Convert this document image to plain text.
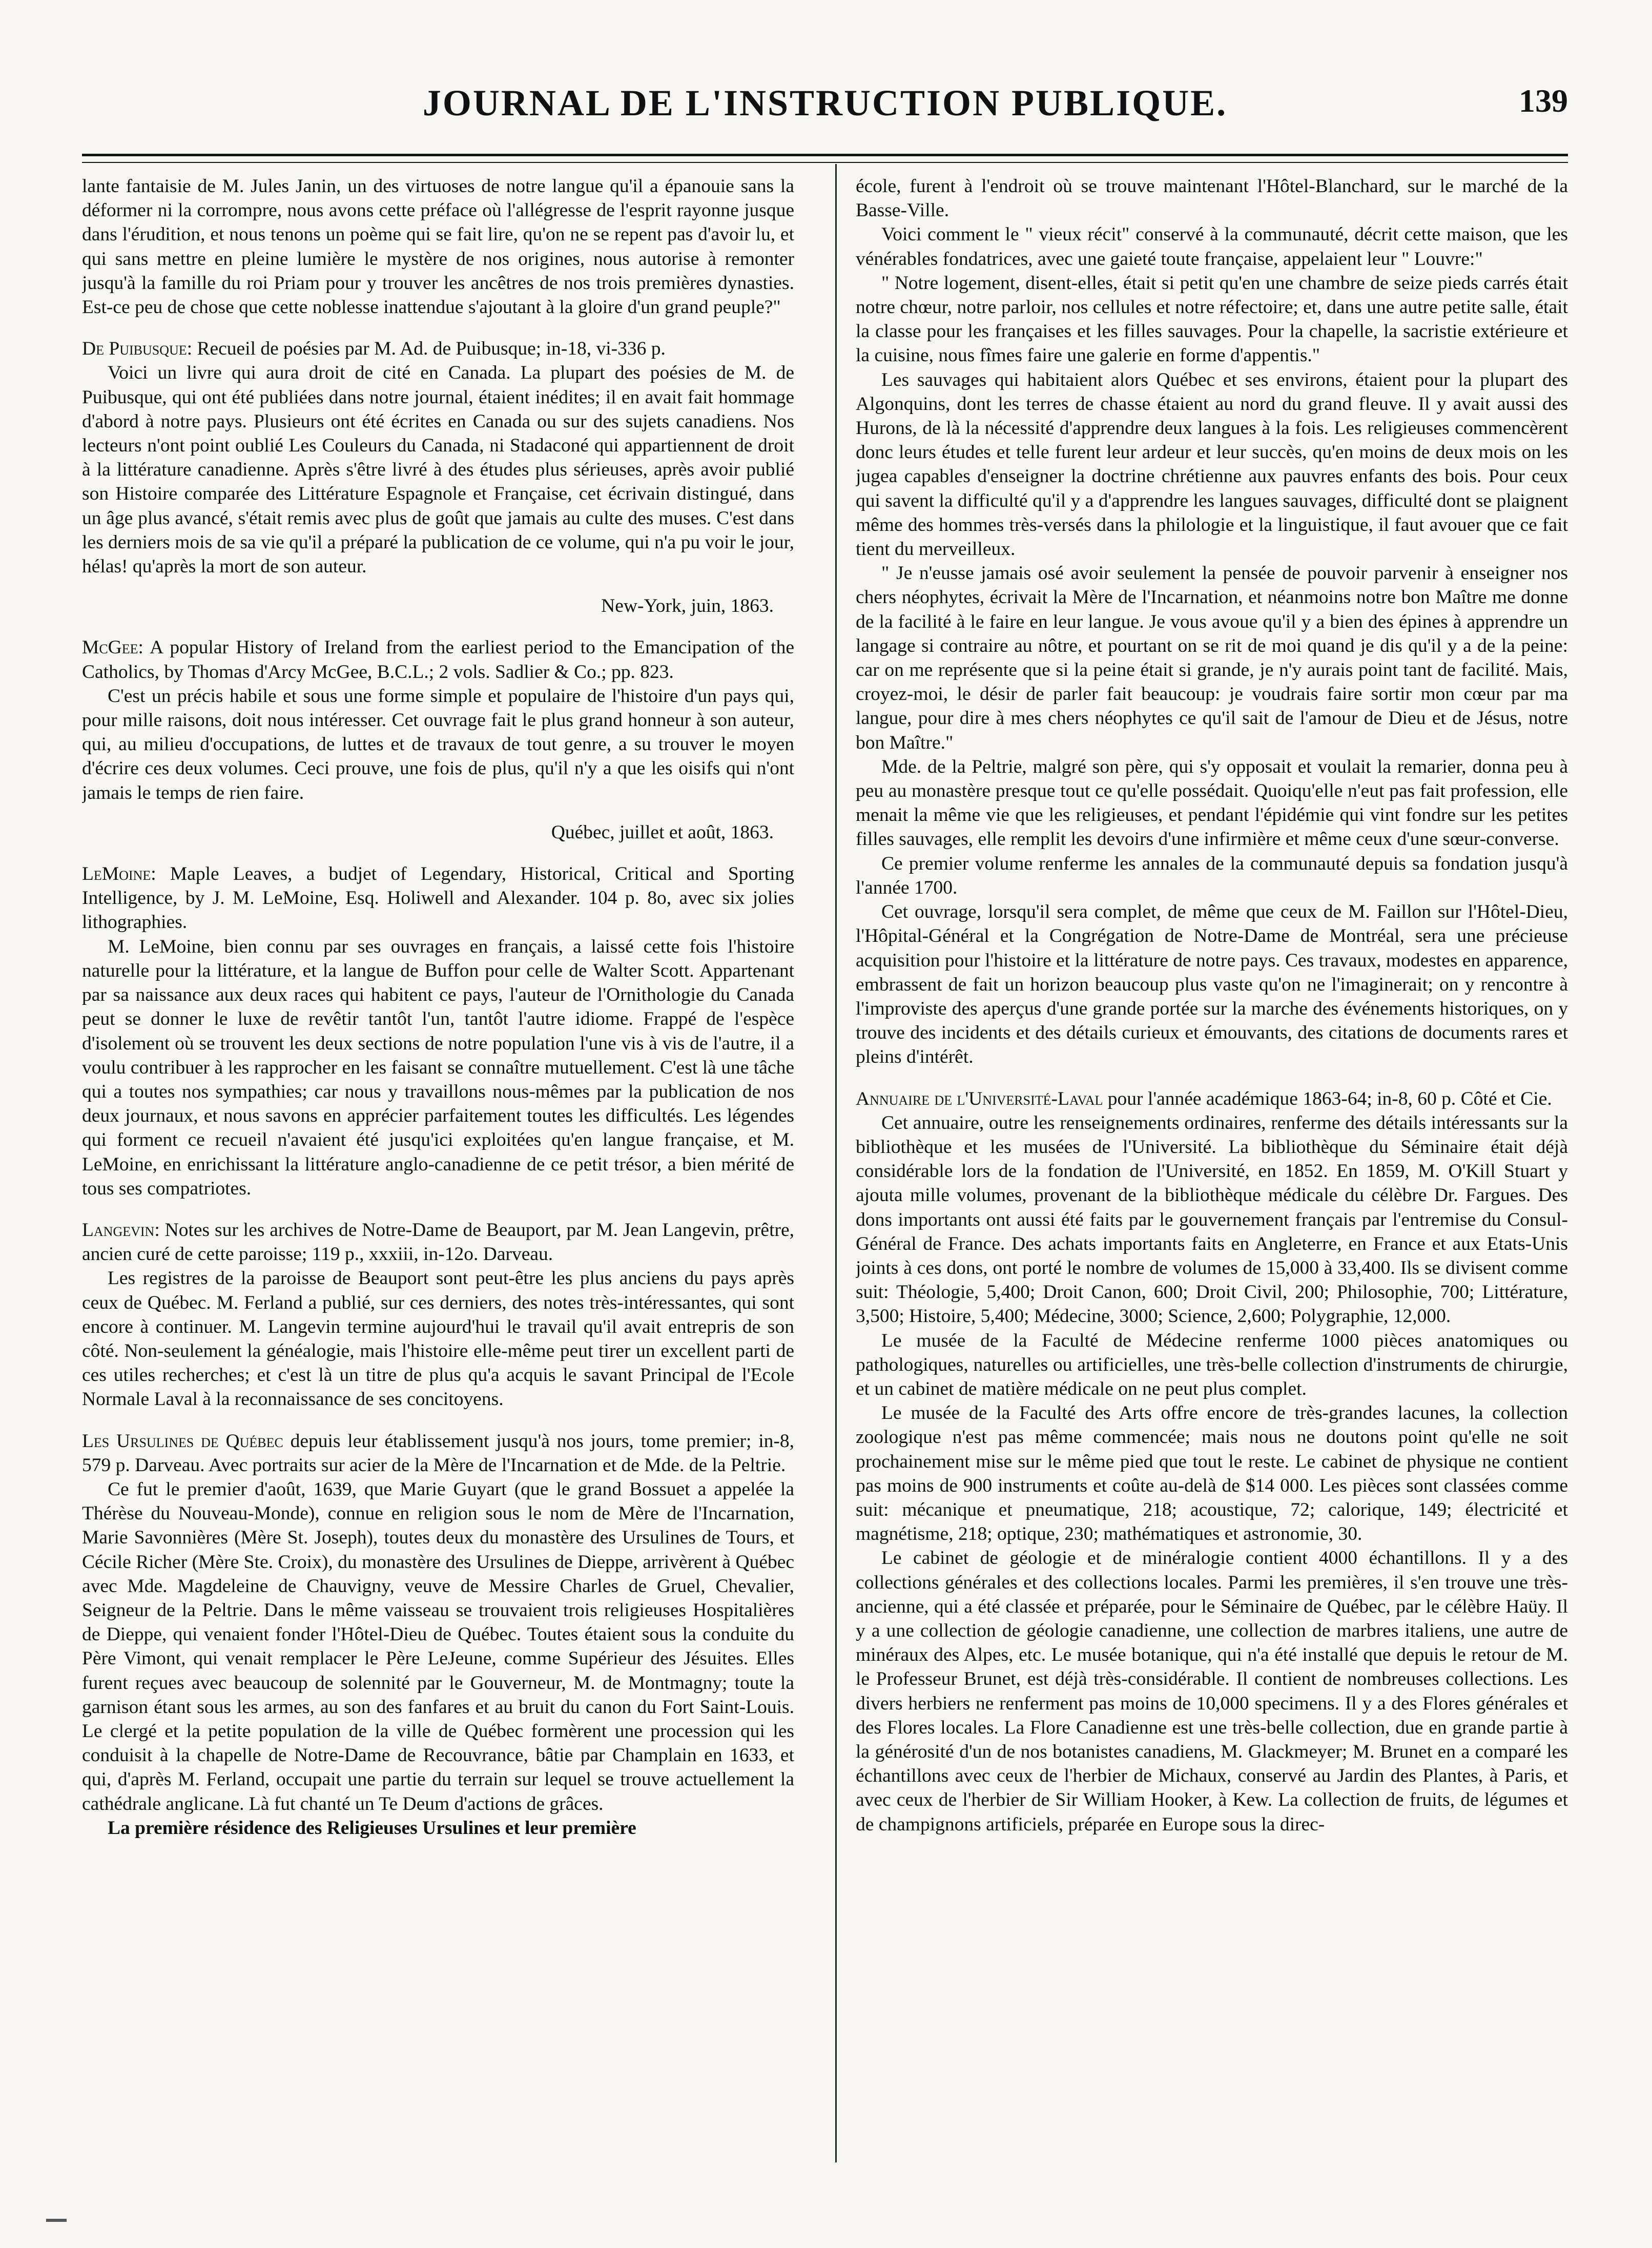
JOURNAL DE L'INSTRUCTION PUBLIQUE.	139

lante fantaisie de M. Jules Janin, un des virtuoses de notre langue qu'il a épanouie sans la déformer ni la corrompre, nous avons cette préface où l'allégresse de l'esprit rayonne jusque dans l'érudition, et nous tenons un poème qui se fait lire, qu'on ne se repent pas d'avoir lu, et qui sans mettre en pleine lumière le mystère de nos origines, nous autorise à remonter jusqu'à la famille du roi Priam pour y trouver les ancêtres de nos trois premières dynasties. Est-ce peu de chose que cette noblesse inattendue s'ajoutant à la gloire d'un grand peuple?"

De Puibusque: Recueil de poésies par M. Ad. de Puibusque; in-18, vi-336 p.

Voici un livre qui aura droit de cité en Canada. La plupart des poésies de M. de Puibusque, qui ont été publiées dans notre journal, étaient inédites; il en avait fait hommage d'abord à notre pays. Plusieurs ont été écrites en Canada ou sur des sujets canadiens. Nos lecteurs n'ont point oublié Les Couleurs du Canada, ni Stadaconé qui appartiennent de droit à la littérature canadienne. Après s'être livré à des études plus sérieuses, après avoir publié son Histoire comparée des Littérature Espagnole et Française, cet écrivain distingué, dans un âge plus avancé, s'était remis avec plus de goût que jamais au culte des muses. C'est dans les derniers mois de sa vie qu'il a préparé la publication de ce volume, qui n'a pu voir le jour, hélas! qu'après la mort de son auteur.

New-York, juin, 1863.

McGee: A popular History of Ireland from the earliest period to the Emancipation of the Catholics, by Thomas d'Arcy McGee, B.C.L.; 2 vols. Sadlier & Co.; pp. 823.

C'est un précis habile et sous une forme simple et populaire de l'histoire d'un pays qui, pour mille raisons, doit nous intéresser. Cet ouvrage fait le plus grand honneur à son auteur, qui, au milieu d'occupations, de luttes et de travaux de tout genre, a su trouver le moyen d'écrire ces deux volumes. Ceci prouve, une fois de plus, qu'il n'y a que les oisifs qui n'ont jamais le temps de rien faire.

Québec, juillet et août, 1863.

LeMoine: Maple Leaves, a budjet of Legendary, Historical, Critical and Sporting Intelligence, by J. M. LeMoine, Esq. Holiwell and Alexander. 104 p. 8o, avec six jolies lithographies.

M. LeMoine, bien connu par ses ouvrages en français, a laissé cette fois l'histoire naturelle pour la littérature, et la langue de Buffon pour celle de Walter Scott. Appartenant par sa naissance aux deux races qui habitent ce pays, l'auteur de l'Ornithologie du Canada peut se donner le luxe de revêtir tantôt l'un, tantôt l'autre idiome. Frappé de l'espèce d'isolement où se trouvent les deux sections de notre population l'une vis à vis de l'autre, il a voulu contribuer à les rapprocher en les faisant se connaître mutuellement. C'est là une tâche qui a toutes nos sympathies; car nous y travaillons nous-mêmes par la publication de nos deux journaux, et nous savons en apprécier parfaitement toutes les difficultés. Les légendes qui forment ce recueil n'avaient été jusqu'ici exploitées qu'en langue française, et M. LeMoine, en enrichissant la littérature anglo-canadienne de ce petit trésor, a bien mérité de tous ses compatriotes.

Langevin: Notes sur les archives de Notre-Dame de Beauport, par M. Jean Langevin, prêtre, ancien curé de cette paroisse; 119 p., xxxiii, in-12o. Darveau.

Les registres de la paroisse de Beauport sont peut-être les plus anciens du pays après ceux de Québec. M. Ferland a publié, sur ces derniers, des notes très-intéressantes, qui sont encore à continuer. M. Langevin termine aujourd'hui le travail qu'il avait entrepris de son côté. Non-seulement la généalogie, mais l'histoire elle-même peut tirer un excellent parti de ces utiles recherches; et c'est là un titre de plus qu'a acquis le savant Principal de l'Ecole Normale Laval à la reconnaissance de ses concitoyens.

Les Ursulines de Québec depuis leur établissement jusqu'à nos jours, tome premier; in-8, 579 p. Darveau. Avec portraits sur acier de la Mère de l'Incarnation et de Mde. de la Peltrie.

Ce fut le premier d'août, 1639, que Marie Guyart (que le grand Bossuet a appelée la Thérèse du Nouveau-Monde), connue en religion sous le nom de Mère de l'Incarnation, Marie Savonnières (Mère St. Joseph), toutes deux du monastère des Ursulines de Tours, et Cécile Richer (Mère Ste. Croix), du monastère des Ursulines de Dieppe, arrivèrent à Québec avec Mde. Magdeleine de Chauvigny, veuve de Messire Charles de Gruel, Chevalier, Seigneur de la Peltrie. Dans le même vaisseau se trouvaient trois religieuses Hospitalières de Dieppe, qui venaient fonder l'Hôtel-Dieu de Québec. Toutes étaient sous la conduite du Père Vimont, qui venait remplacer le Père LeJeune, comme Supérieur des Jésuites. Elles furent reçues avec beaucoup de solennité par le Gouverneur, M. de Montmagny; toute la garnison étant sous les armes, au son des fanfares et au bruit du canon du Fort Saint-Louis. Le clergé et la petite population de la ville de Québec formèrent une procession qui les conduisit à la chapelle de Notre-Dame de Recouvrance, bâtie par Champlain en 1633, et qui, d'après M. Ferland, occupait une partie du terrain sur lequel se trouve actuellement la cathédrale anglicane. Là fut chanté un Te Deum d'actions de grâces.

La première résidence des Religieuses Ursulines et leur première

école, furent à l'endroit où se trouve maintenant l'Hôtel-Blanchard, sur le marché de la Basse-Ville.

Voici comment le " vieux récit" conservé à la communauté, décrit cette maison, que les vénérables fondatrices, avec une gaieté toute française, appelaient leur " Louvre:"

" Notre logement, disent-elles, était si petit qu'en une chambre de seize pieds carrés était notre chœur, notre parloir, nos cellules et notre réfectoire; et, dans une autre petite salle, était la classe pour les françaises et les filles sauvages. Pour la chapelle, la sacristie extérieure et la cuisine, nous fîmes faire une galerie en forme d'appentis."

Les sauvages qui habitaient alors Québec et ses environs, étaient pour la plupart des Algonquins, dont les terres de chasse étaient au nord du grand fleuve. Il y avait aussi des Hurons, de là la nécessité d'apprendre deux langues à la fois. Les religieuses commencèrent donc leurs études et telle furent leur ardeur et leur succès, qu'en moins de deux mois on les jugea capables d'enseigner la doctrine chrétienne aux pauvres enfants des bois. Pour ceux qui savent la difficulté qu'il y a d'apprendre les langues sauvages, difficulté dont se plaignent même des hommes très-versés dans la philologie et la linguistique, il faut avouer que ce fait tient du merveilleux.

" Je n'eusse jamais osé avoir seulement la pensée de pouvoir parvenir à enseigner nos chers néophytes, écrivait la Mère de l'Incarnation, et néanmoins notre bon Maître me donne de la facilité à le faire en leur langue. Je vous avoue qu'il y a bien des épines à apprendre un langage si contraire au nôtre, et pourtant on se rit de moi quand je dis qu'il y a de la peine: car on me représente que si la peine était si grande, je n'y aurais point tant de facilité. Mais, croyez-moi, le désir de parler fait beaucoup: je voudrais faire sortir mon cœur par ma langue, pour dire à mes chers néophytes ce qu'il sait de l'amour de Dieu et de Jésus, notre bon Maître."

Mde. de la Peltrie, malgré son père, qui s'y opposait et voulait la remarier, donna peu à peu au monastère presque tout ce qu'elle possédait. Quoiqu'elle n'eut pas fait profession, elle menait la même vie que les religieuses, et pendant l'épidémie qui vint fondre sur les petites filles sauvages, elle remplit les devoirs d'une infirmière et même ceux d'une sœur-converse.

Ce premier volume renferme les annales de la communauté depuis sa fondation jusqu'à l'année 1700.

Cet ouvrage, lorsqu'il sera complet, de même que ceux de M. Faillon sur l'Hôtel-Dieu, l'Hôpital-Général et la Congrégation de Notre-Dame de Montréal, sera une précieuse acquisition pour l'histoire et la littérature de notre pays. Ces travaux, modestes en apparence, embrassent de fait un horizon beaucoup plus vaste qu'on ne l'imaginerait; on y rencontre à l'improviste des aperçus d'une grande portée sur la marche des événements historiques, on y trouve des incidents et des détails curieux et émouvants, des citations de documents rares et pleins d'intérêt.

Annuaire de l'Université-Laval pour l'année académique 1863-64; in-8, 60 p. Côté et Cie.

Cet annuaire, outre les renseignements ordinaires, renferme des détails intéressants sur la bibliothèque et les musées de l'Université. La bibliothèque du Séminaire était déjà considérable lors de la fondation de l'Université, en 1852. En 1859, M. O'Kill Stuart y ajouta mille volumes, provenant de la bibliothèque médicale du célèbre Dr. Fargues. Des dons importants ont aussi été faits par le gouvernement français par l'entremise du Consul-Général de France. Des achats importants faits en Angleterre, en France et aux Etats-Unis joints à ces dons, ont porté le nombre de volumes de 15,000 à 33,400. Ils se divisent comme suit: Théologie, 5,400; Droit Canon, 600; Droit Civil, 200; Philosophie, 700; Littérature, 3,500; Histoire, 5,400; Médecine, 3000; Science, 2,600; Polygraphie, 12,000.

Le musée de la Faculté de Médecine renferme 1000 pièces anatomiques ou pathologiques, naturelles ou artificielles, une très-belle collection d'instruments de chirurgie, et un cabinet de matière médicale on ne peut plus complet.

Le musée de la Faculté des Arts offre encore de très-grandes lacunes, la collection zoologique n'est pas même commencée; mais nous ne doutons point qu'elle ne soit prochainement mise sur le même pied que tout le reste. Le cabinet de physique ne contient pas moins de 900 instruments et coûte au-delà de $14 000. Les pièces sont classées comme suit: mécanique et pneumatique, 218; acoustique, 72; calorique, 149; électricité et magnétisme, 218; optique, 230; mathématiques et astronomie, 30.

Le cabinet de géologie et de minéralogie contient 4000 échantillons. Il y a des collections générales et des collections locales. Parmi les premières, il s'en trouve une très-ancienne, qui a été classée et préparée, pour le Séminaire de Québec, par le célèbre Haüy. Il y a une collection de géologie canadienne, une collection de marbres italiens, une autre de minéraux des Alpes, etc. Le musée botanique, qui n'a été installé que depuis le retour de M. le Professeur Brunet, est déjà très-considérable. Il contient de nombreuses collections. Les divers herbiers ne renferment pas moins de 10,000 specimens. Il y a des Flores générales et des Flores locales. La Flore Canadienne est une très-belle collection, due en grande partie à la générosité d'un de nos botanistes canadiens, M. Glackmeyer; M. Brunet en a comparé les échantillons avec ceux de l'herbier de Michaux, conservé au Jardin des Plantes, à Paris, et avec ceux de l'herbier de Sir William Hooker, à Kew. La collection de fruits, de légumes et de champignons artificiels, préparée en Europe sous la direc-
